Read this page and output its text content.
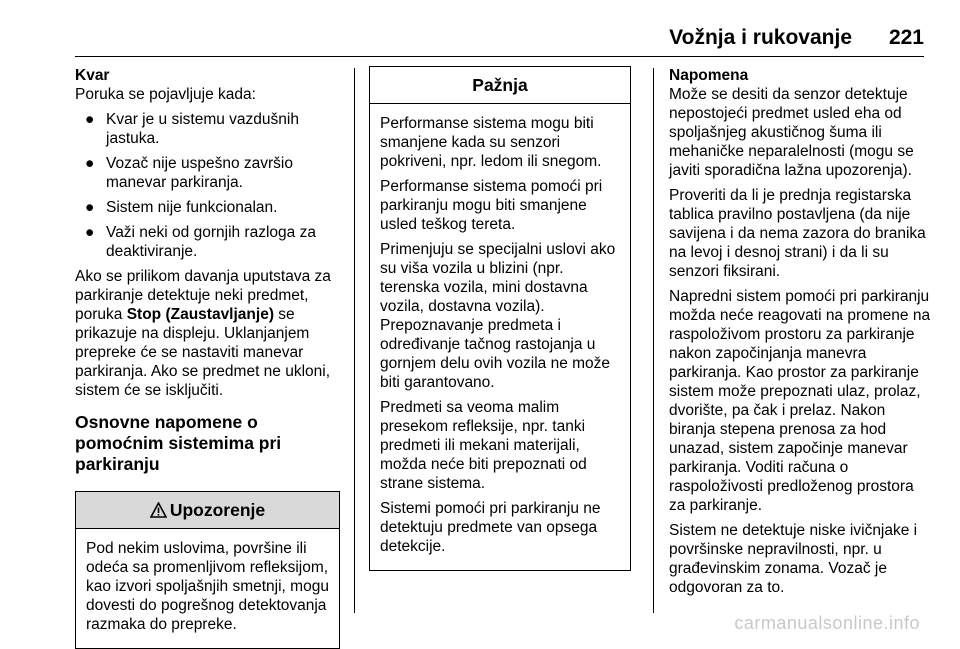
Vožnja i rukovanje 221
Kvar

Poruka se pojavljuje kada:

● Kvar je u sistemu vazdušnih jastuka.
● Vozač nije uspešno završio manevar parkiranja.
● Sistem nije funkcionalan.
● Važi neki od gornjih razloga za deaktiviranje.

Ako se prilikom davanja uputstava za parkiranje detektuje neki predmet, poruka Stop (Zaustavljanje) se prikazuje na displeju. Uklanjanjem prepreke će se nastaviti manevar parkiranja. Ako se predmet ne ukloni, sistem će se isključiti.

Osnovne napomene o pomoćnim sistemima pri parkiranju
Upozorenje

Pod nekim uslovima, površine ili odeća sa promenljivom refleksijom, kao izvori spoljašnjih smetnji, mogu dovesti do pogrešnog detektovanja razmaka do prepreke.

Pažnja

Performanse sistema mogu biti smanjene kada su senzori pokriveni, npr. ledom ili snegom.

Performanse sistema pomoći pri parkiranju mogu biti smanjene usled teškog tereta.

Primenjuju se specijalni uslovi ako su viša vozila u blizini (npr. terenska vozila, mini dostavna vozila, dostavna vozila). Prepoznavanje predmeta i određivanje tačnog rastojanja u gornjem delu ovih vozila ne može biti garantovano.

Predmeti sa veoma malim presekom refleksije, npr. tanki predmeti ili mekani materijali, možda neće biti prepoznati od strane sistema.

Sistemi pomoći pri parkiranju ne detektuju predmete van opsega detekcije.

Napomena

Može se desiti da senzor detektuje nepostojeći predmet usled eha od spoljašnjeg akustičnog šuma ili mehaničke neparalelnosti (mogu se javiti sporadična lažna upozorenja).

Proveriti da li je prednja registarska tablica pravilno postavljena (da nije savijena i da nema zazora do branika na levoj i desnoj strani) i da li su senzori fiksirani.

Napredni sistem pomoći pri parkiranju možda neće reagovati na promene na raspoloživom prostoru za parkiranje nakon započinjanja manevra parkiranja. Kao prostor za parkiranje sistem može prepoznati ulaz, prolaz, dvorište, pa čak i prelaz. Nakon biranja stepena prenosa za hod unazad, sistem započinje manevar parkiranja. Voditi računa o raspoloživosti predloženog prostora za parkiranje.

Sistem ne detektuje niske ivičnjake i površinske nepravilnosti, npr. u građevinskim zonama. Vozač je odgovoran za to.

carmanualsonline.info
